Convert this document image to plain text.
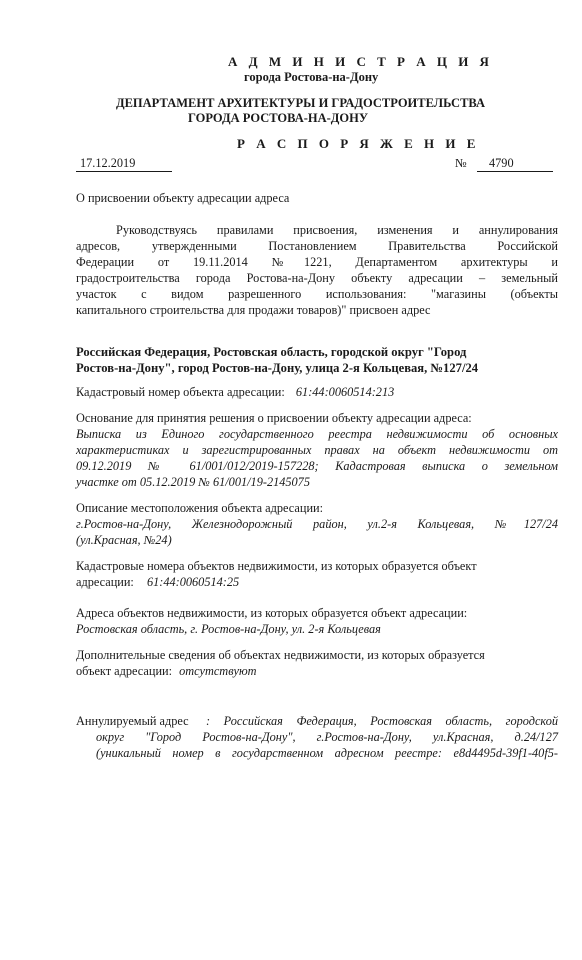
А Д М И Н И С Т Р А Ц И Я
города Ростова-на-Дону
ДЕПАРТАМЕНТ АРХИТЕКТУРЫ И ГРАДОСТРОИТЕЛЬСТВА
ГОРОДА РОСТОВА-НА-ДОНУ
Р А С П О Р Я Ж Е Н И Е
17.12.2019	№	4790
О присвоении объекту адресации адреса
Руководствуясь правилами присвоения, изменения и аннулирования
адресов, утвержденными Постановлением Правительства Российской
Федерации от 19.11.2014 №1221, Департаментом архитектуры и
градостроительства города Ростова-на-Дону объекту адресации – земельный
участок с видом разрешенного использования: "магазины (объекты
капитального строительства для продажи товаров)" присвоен адрес
Российская Федерация, Ростовская область, городской округ "Город
Ростов-на-Дону", город Ростов-на-Дону, улица 2-я Кольцевая, №127/24
Кадастровый номер объекта адресации: 61:44:0060514:213
Основание для принятия решения о присвоении объекту адресации адреса:
Выписка из Единого государственного реестра недвижимости об основных
характеристиках и зарегистрированных правах на объект недвижимости от
09.12.2019 № 61/001/012/2019-157228; Кадастровая выписка о земельном
участке от 05.12.2019 № 61/001/19-2145075
Описание местоположения объекта адресации:
г.Ростов-на-Дону, Железнодорожный район, ул.2-я Кольцевая, №127/24
(ул.Красная, №24)
Кадастровые номера объектов недвижимости, из которых образуется объект
адресации: 61:44:0060514:25
Адреса объектов недвижимости, из которых образуется объект адресации:
Ростовская область, г. Ростов-на-Дону, ул. 2-я Кольцевая
Дополнительные сведения об объектах недвижимости, из которых образуется
объект адресации: отсутствуют
Аннулируемый адрес : Российская Федерация, Ростовская область, городской
округ "Город Ростов-на-Дону", г.Ростов-на-Дону, ул.Красная, д.24/127
(уникальный номер в государственном адресном реестре: e8d4495d-39f1-40f5-
